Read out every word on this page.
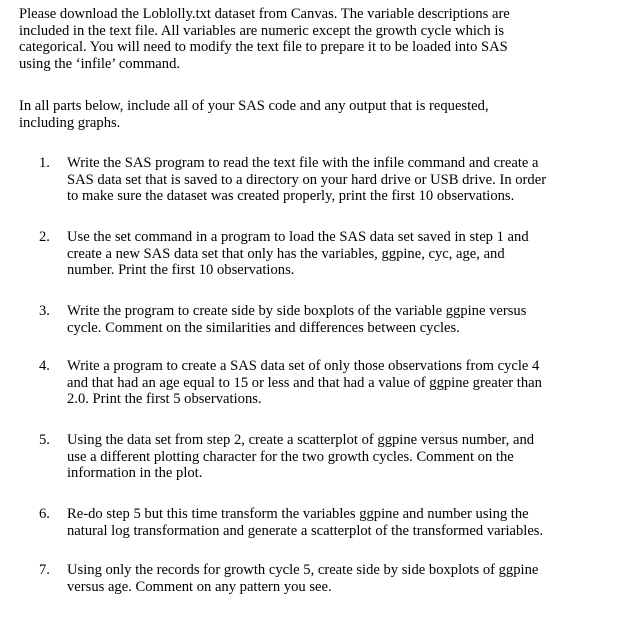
Please download the Loblolly.txt dataset from Canvas. The variable descriptions are
included in the text file. All variables are numeric except the growth cycle which is
categorical. You will need to modify the text file to prepare it to be loaded into SAS
using the ‘infile’ command.
In all parts below, include all of your SAS code and any output that is requested,
including graphs.
1.	Write the SAS program to read the text file with the infile command and create a
SAS data set that is saved to a directory on your hard drive or USB drive. In order
to make sure the dataset was created properly, print the first 10 observations.
2.	Use the set command in a program to load the SAS data set saved in step 1 and
create a new SAS data set that only has the variables, ggpine, cyc, age, and
number. Print the first 10 observations.
3.	Write the program to create side by side boxplots of the variable ggpine versus
cycle. Comment on the similarities and differences between cycles.
4.	Write a program to create a SAS data set of only those observations from cycle 4
and that had an age equal to 15 or less and that had a value of ggpine greater than
2.0. Print the first 5 observations.
5.	Using the data set from step 2, create a scatterplot of ggpine versus number, and
use a different plotting character for the two growth cycles. Comment on the
information in the plot.
6.	Re-do step 5 but this time transform the variables ggpine and number using the
natural log transformation and generate a scatterplot of the transformed variables.
7.	Using only the records for growth cycle 5, create side by side boxplots of ggpine
versus age. Comment on any pattern you see.
